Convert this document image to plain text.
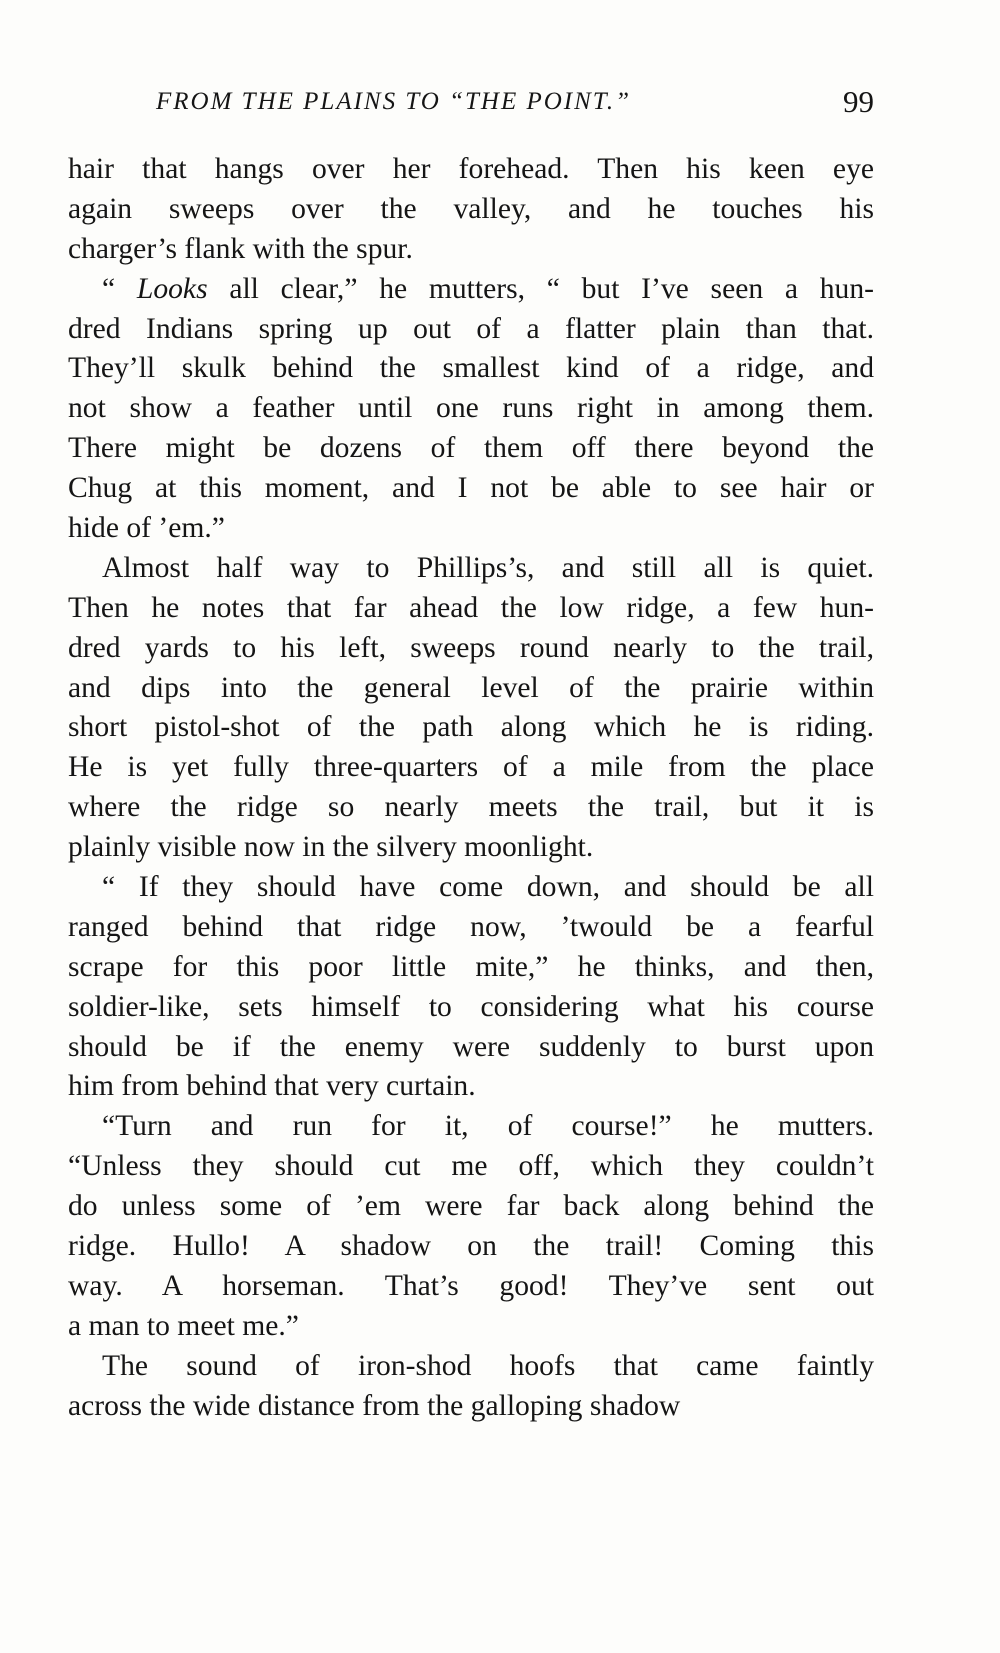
FROM THE PLAINS TO “THE POINT.”	99
hair that hangs over her forehead. Then his keen eye
again sweeps over the valley, and he touches his
charger’s flank with the spur.
“ Looks all clear,” he mutters, “ but I’ve seen a hun-
dred Indians spring up out of a flatter plain than that.
They’ll skulk behind the smallest kind of a ridge, and
not show a feather until one runs right in among them.
There might be dozens of them off there beyond the
Chug at this moment, and I not be able to see hair or
hide of ’em.”
Almost half way to Phillips’s, and still all is quiet.
Then he notes that far ahead the low ridge, a few hun-
dred yards to his left, sweeps round nearly to the trail,
and dips into the general level of the prairie within
short pistol-shot of the path along which he is riding.
He is yet fully three-quarters of a mile from the place
where the ridge so nearly meets the trail, but it is
plainly visible now in the silvery moonlight.
“ If they should have come down, and should be all
ranged behind that ridge now, ’twould be a fearful
scrape for this poor little mite,” he thinks, and then,
soldier-like, sets himself to considering what his course
should be if the enemy were suddenly to burst upon
him from behind that very curtain.
“Turn and run for it, of course!” he mutters.
“Unless they should cut me off, which they couldn’t
do unless some of ’em were far back along behind the
ridge. Hullo! A shadow on the trail! Coming this
way. A horseman. That’s good! They’ve sent out
a man to meet me.”
The sound of iron-shod hoofs that came faintly
across the wide distance from the galloping shadow
